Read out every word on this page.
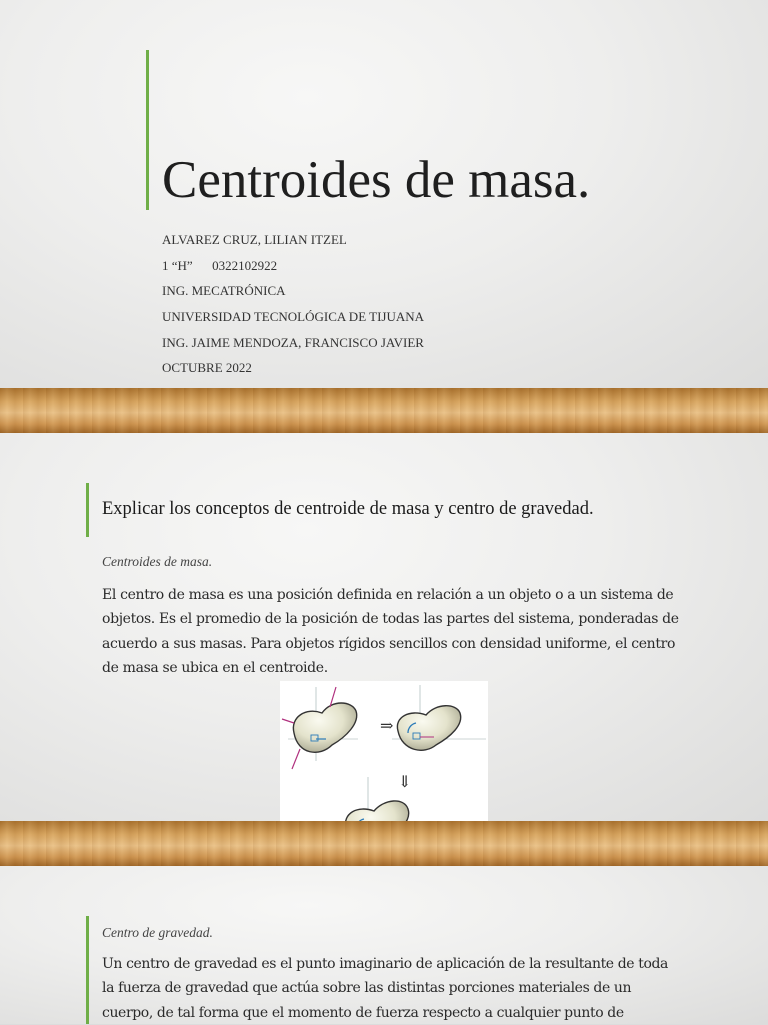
Centroides de masa.
ALVAREZ CRUZ, LILIAN ITZEL
1 “H”      0322102922
ING. MECATRÓNICA
UNIVERSIDAD TECNOLÓGICA DE TIJUANA
ING. JAIME MENDOZA, FRANCISCO JAVIER
OCTUBRE 2022
Explicar los conceptos de centroide de masa y centro de gravedad.
Centroides de masa.

El centro de masa es una posición definida en relación a un objeto o a un sistema de objetos. Es el promedio de la posición de todas las partes del sistema, ponderadas de acuerdo a sus masas. Para objetos rígidos sencillos con densidad uniforme, el centro de masa se ubica en el centroide.

⇒
⇓
Centro de gravedad.

Un centro de gravedad es el punto imaginario de aplicación de la resultante de toda la fuerza de gravedad que actúa sobre las distintas porciones materiales de un cuerpo, de tal forma que el momento de fuerza respecto a cualquier punto de
